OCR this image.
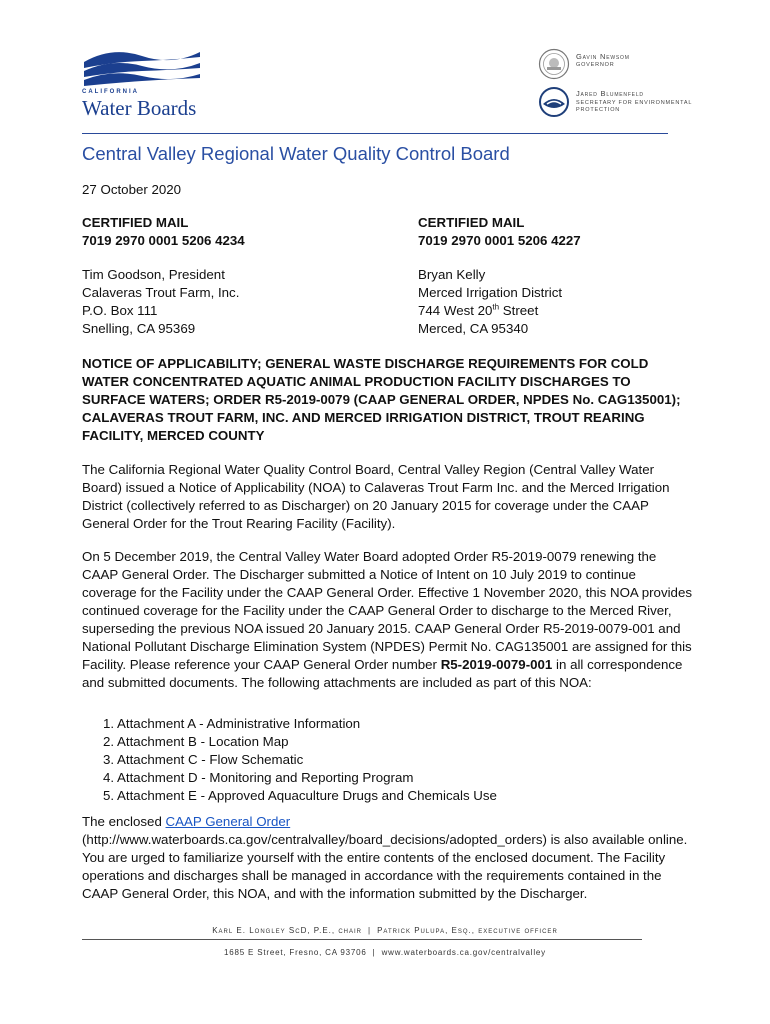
CALIFORNIA
Water Boards
Gavin Newsom
GOVERNOR
Jared Blumenfeld
SECRETARY FOR ENVIRONMENTAL PROTECTION
Central Valley Regional Water Quality Control Board
27 October 2020
CERTIFIED MAIL
7019 2970 0001 5206 4234
Tim Goodson, President
Calaveras Trout Farm, Inc.
P.O. Box 111
Snelling, CA 95369
CERTIFIED MAIL
7019 2970 0001 5206 4227
Bryan Kelly
Merced Irrigation District
744 West 20th Street
Merced, CA 95340
NOTICE OF APPLICABILITY; GENERAL WASTE DISCHARGE REQUIREMENTS FOR COLD WATER CONCENTRATED AQUATIC ANIMAL PRODUCTION FACILITY DISCHARGES TO SURFACE WATERS; ORDER R5-2019-0079 (CAAP GENERAL ORDER, NPDES No. CAG135001); CALAVERAS TROUT FARM, INC. AND MERCED IRRIGATION DISTRICT, TROUT REARING FACILITY, MERCED COUNTY
The California Regional Water Quality Control Board, Central Valley Region (Central Valley Water Board) issued a Notice of Applicability (NOA) to Calaveras Trout Farm Inc. and the Merced Irrigation District (collectively referred to as Discharger) on 20 January 2015 for coverage under the CAAP General Order for the Trout Rearing Facility (Facility).
On 5 December 2019, the Central Valley Water Board adopted Order R5-2019-0079 renewing the CAAP General Order. The Discharger submitted a Notice of Intent on 10 July 2019 to continue coverage for the Facility under the CAAP General Order. Effective 1 November 2020, this NOA provides continued coverage for the Facility under the CAAP General Order to discharge to the Merced River, superseding the previous NOA issued 20 January 2015. CAAP General Order R5-2019-0079-001 and National Pollutant Discharge Elimination System (NPDES) Permit No. CAG135001 are assigned for this Facility. Please reference your CAAP General Order number R5-2019-0079-001 in all correspondence and submitted documents. The following attachments are included as part of this NOA:
1. Attachment A - Administrative Information
2. Attachment B - Location Map
3. Attachment C - Flow Schematic
4. Attachment D - Monitoring and Reporting Program
5. Attachment E - Approved Aquaculture Drugs and Chemicals Use
The enclosed CAAP General Order
(http://www.waterboards.ca.gov/centralvalley/board_decisions/adopted_orders) is also available online. You are urged to familiarize yourself with the entire contents of the enclosed document. The Facility operations and discharges shall be managed in accordance with the requirements contained in the CAAP General Order, this NOA, and with the information submitted by the Discharger.
Karl E. Longley ScD, P.E., chair | Patrick Pulupa, Esq., executive officer
1685 E Street, Fresno, CA 93706 | www.waterboards.ca.gov/centralvalley
